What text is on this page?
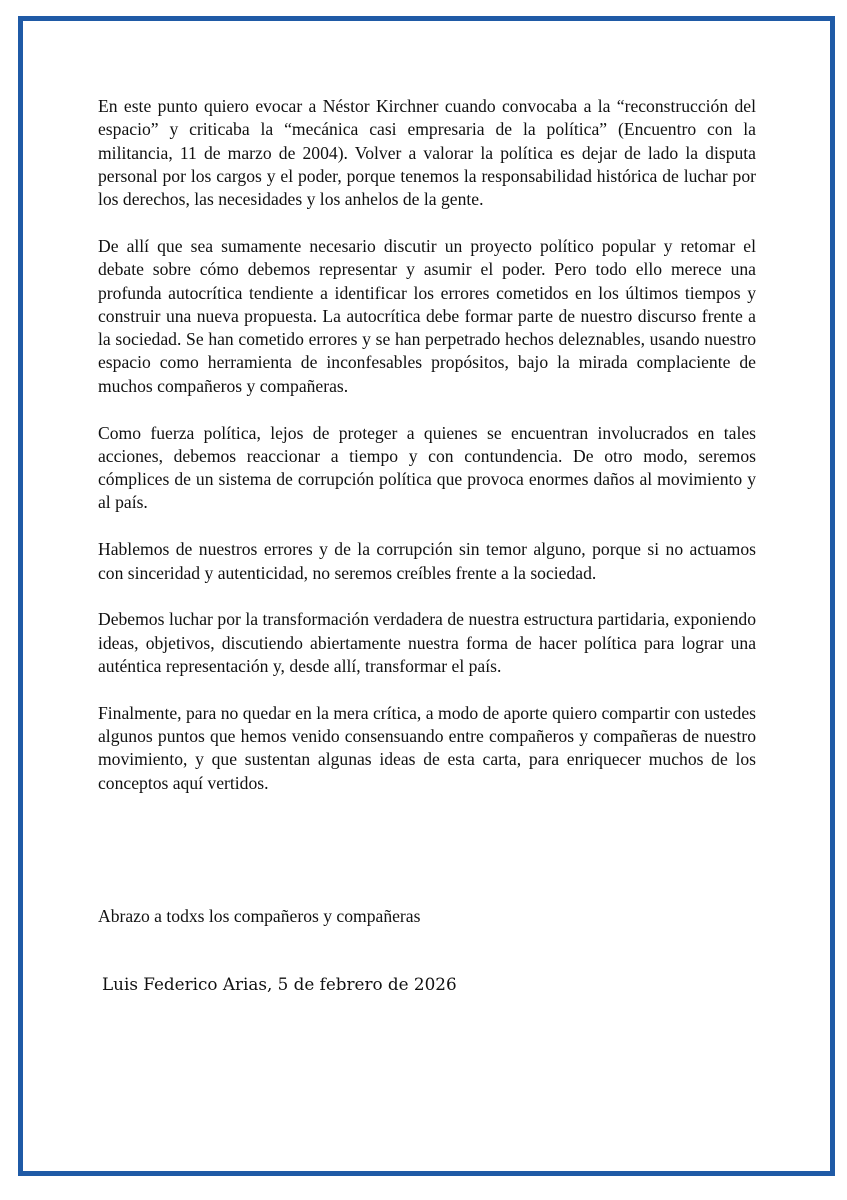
En este punto quiero evocar a Néstor Kirchner cuando convocaba a la “reconstrucción del espacio” y criticaba la “mecánica casi empresaria de la política” (Encuentro con la militancia, 11 de marzo de 2004). Volver a valorar la política es dejar de lado la disputa personal por los cargos y el poder, porque tenemos la responsabilidad histórica de luchar por los derechos, las necesidades y los anhelos de la gente.

De allí que sea sumamente necesario discutir un proyecto político popular y retomar el debate sobre cómo debemos representar y asumir el poder. Pero todo ello merece una profunda autocrítica tendiente a identificar los errores cometidos en los últimos tiempos y construir una nueva propuesta. La autocrítica debe formar parte de nuestro discurso frente a la sociedad. Se han cometido errores y se han perpetrado hechos deleznables, usando nuestro espacio como herramienta de inconfesables propósitos, bajo la mirada complaciente de muchos compañeros y compañeras.

Como fuerza política, lejos de proteger a quienes se encuentran involucrados en tales acciones, debemos reaccionar a tiempo y con contundencia. De otro modo, seremos cómplices de un sistema de corrupción política que provoca enormes daños al movimiento y al país.

Hablemos de nuestros errores y de la corrupción sin temor alguno, porque si no actuamos con sinceridad y autenticidad, no seremos creíbles frente a la sociedad.

Debemos luchar por la transformación verdadera de nuestra estructura partidaria, exponiendo ideas, objetivos, discutiendo abiertamente nuestra forma de hacer política para lograr una auténtica representación y, desde allí, transformar el país.

Finalmente, para no quedar en la mera crítica, a modo de aporte quiero compartir con ustedes algunos puntos que hemos venido consensuando entre compañeros y compañeras de nuestro movimiento, y que sustentan algunas ideas de esta carta, para enriquecer muchos de los conceptos aquí vertidos.

Abrazo a todxs los compañeros y compañeras

Luis Federico Arias, 5 de febrero de 2026
